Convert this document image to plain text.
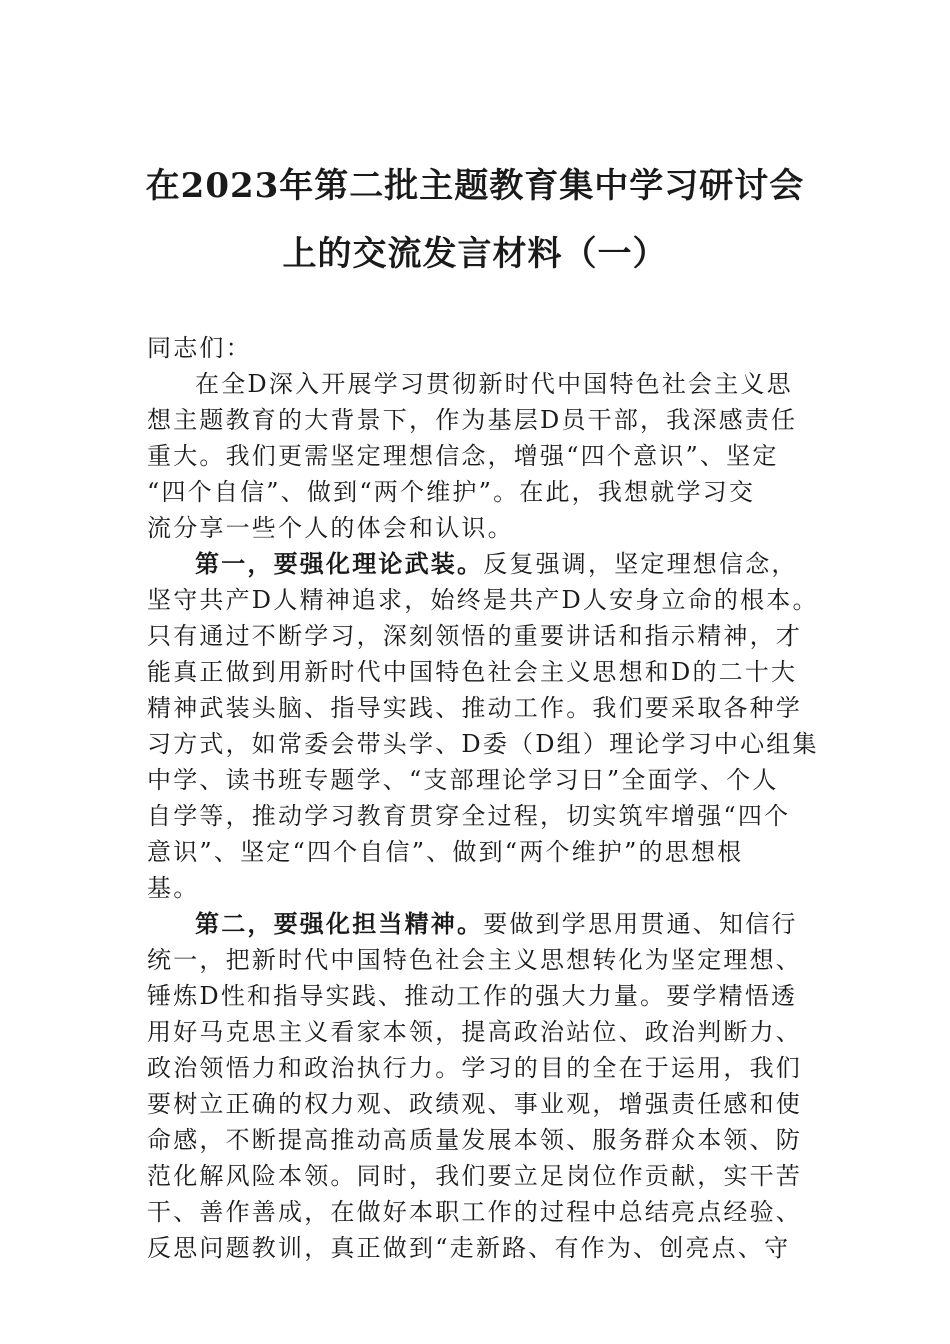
在2023年第二批主题教育集中学习研讨会
上的交流发言材料（一）
同志们：
在全D深入开展学习贯彻新时代中国特色社会主义思
想主题教育的大背景下，作为基层D员干部，我深感责任
重大。我们更需坚定理想信念，增强“四个意识”、坚定
“四个自信”、做到“两个维护”。在此，我想就学习交
流分享一些个人的体会和认识。
第一，要强化理论武装。反复强调，坚定理想信念，
坚守共产D人精神追求，始终是共产D人安身立命的根本。
只有通过不断学习，深刻领悟的重要讲话和指示精神，才
能真正做到用新时代中国特色社会主义思想和D的二十大
精神武装头脑、指导实践、推动工作。我们要采取各种学
习方式，如常委会带头学、D委（D组）理论学习中心组集
中学、读书班专题学、“支部理论学习日”全面学、个人
自学等，推动学习教育贯穿全过程，切实筑牢增强“四个
意识”、坚定“四个自信”、做到“两个维护”的思想根
基。
第二，要强化担当精神。要做到学思用贯通、知信行
统一，把新时代中国特色社会主义思想转化为坚定理想、
锤炼D性和指导实践、推动工作的强大力量。要学精悟透
用好马克思主义看家本领，提高政治站位、政治判断力、
政治领悟力和政治执行力。学习的目的全在于运用，我们
要树立正确的权力观、政绩观、事业观，增强责任感和使
命感，不断提高推动高质量发展本领、服务群众本领、防
范化解风险本领。同时，我们要立足岗位作贡献，实干苦
干、善作善成，在做好本职工作的过程中总结亮点经验、
反思问题教训，真正做到“走新路、有作为、创亮点、守
